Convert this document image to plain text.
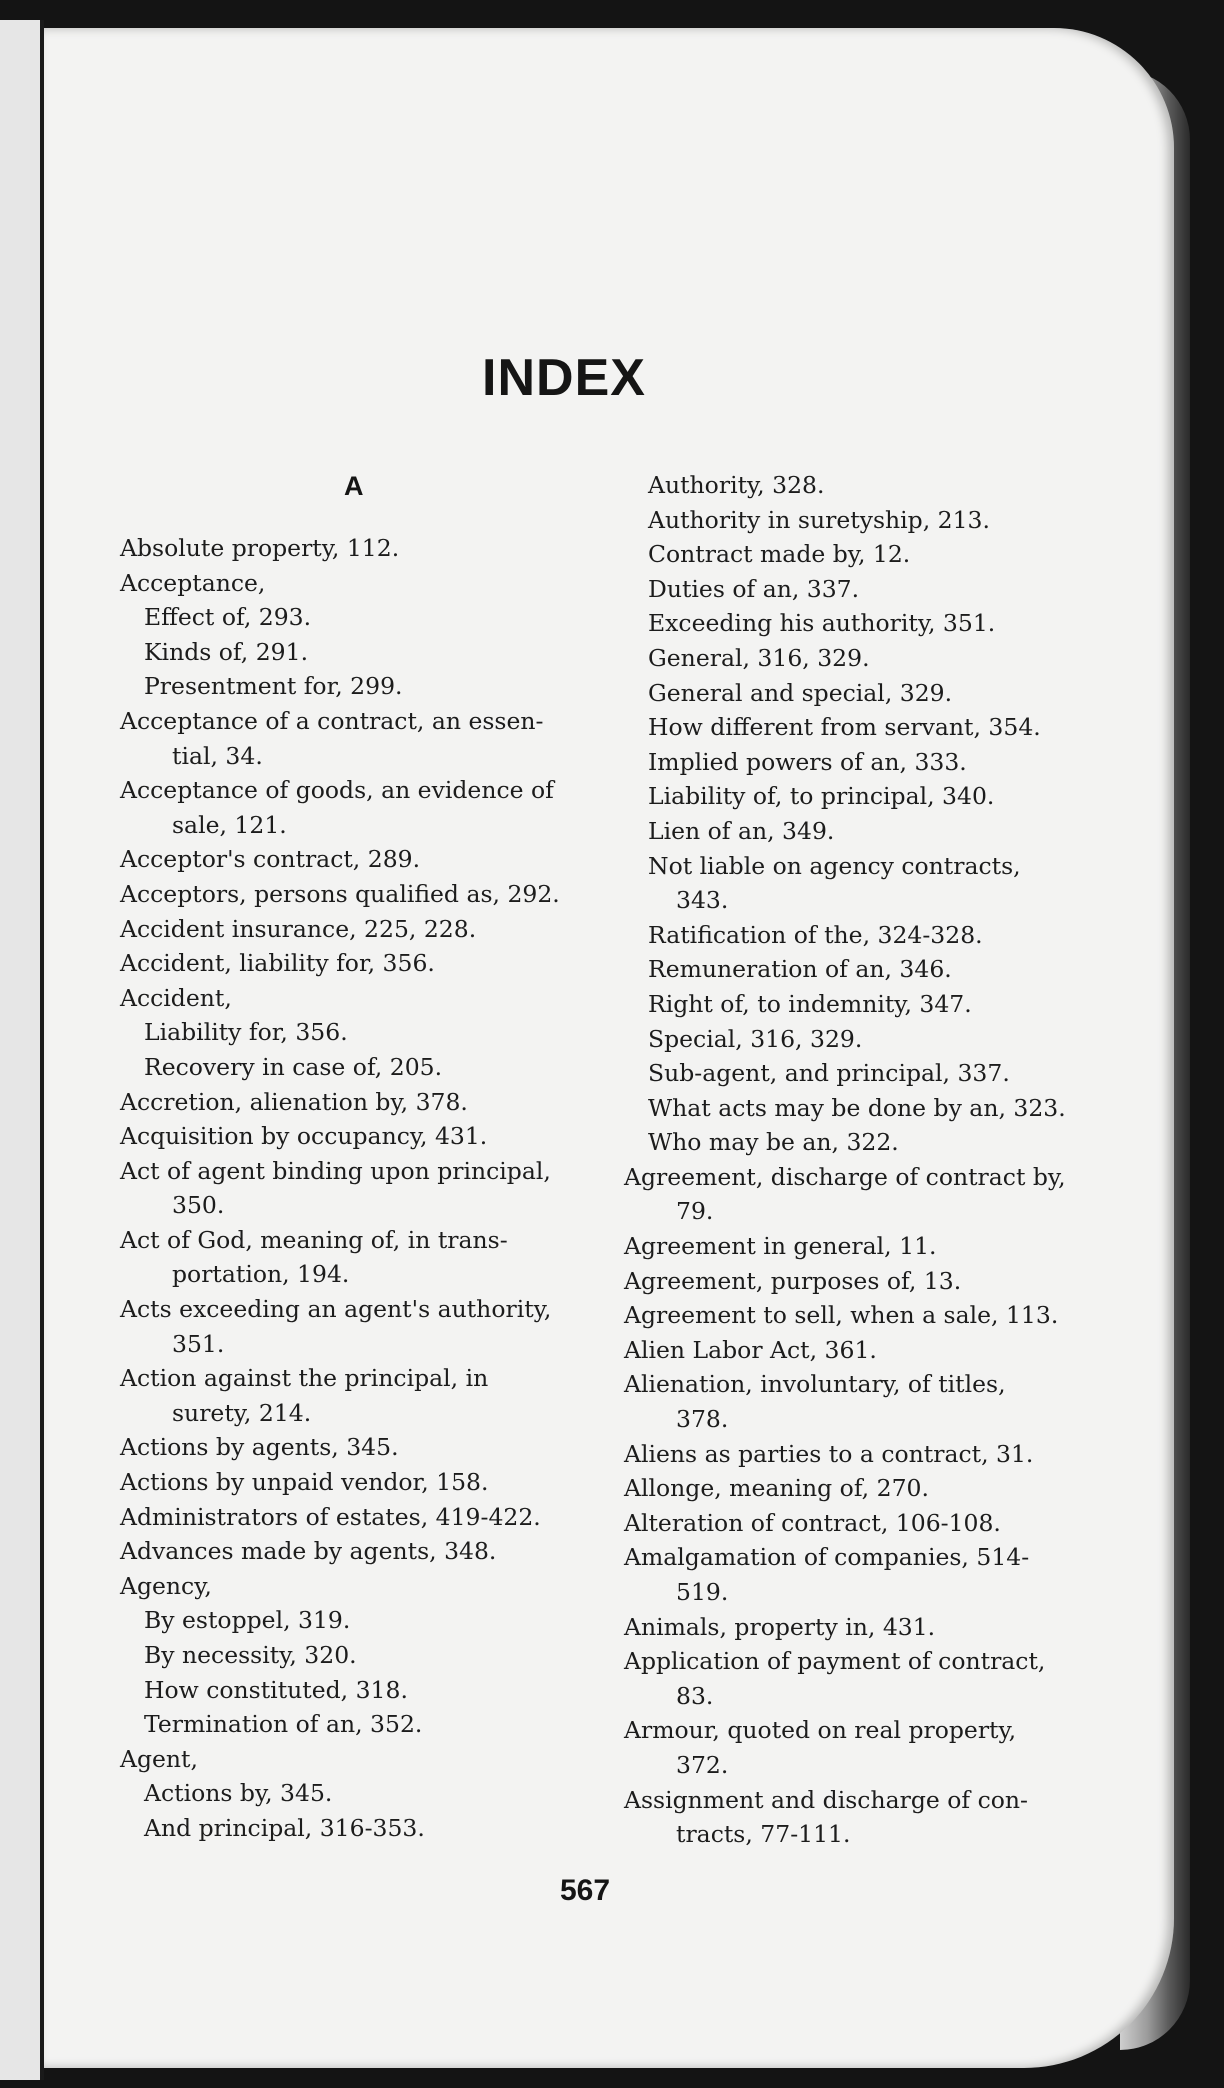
INDEX
A

Absolute property, 112.

Acceptance,

Effect of, 293.

Kinds of, 291.

Presentment for, 299.

Acceptance of a contract, an essen-

tial, 34.

Acceptance of goods, an evidence of

sale, 121.

Acceptor's contract, 289.

Acceptors, persons qualified as, 292.

Accident insurance, 225, 228.

Accident, liability for, 356.

Accident,

Liability for, 356.

Recovery in case of, 205.

Accretion, alienation by, 378.

Acquisition by occupancy, 431.

Act of agent binding upon principal,

350.

Act of God, meaning of, in trans-

portation, 194.

Acts exceeding an agent's authority,

351.

Action against the principal, in

surety, 214.

Actions by agents, 345.

Actions by unpaid vendor, 158.

Administrators of estates, 419-422.

Advances made by agents, 348.

Agency,

By estoppel, 319.

By necessity, 320.

How constituted, 318.

Termination of an, 352.

Agent,

Actions by, 345.

And principal, 316-353.

Authority, 328.

Authority in suretyship, 213.

Contract made by, 12.

Duties of an, 337.

Exceeding his authority, 351.

General, 316, 329.

General and special, 329.

How different from servant, 354.

Implied powers of an, 333.

Liability of, to principal, 340.

Lien of an, 349.

Not liable on agency contracts,

343.

Ratification of the, 324-328.

Remuneration of an, 346.

Right of, to indemnity, 347.

Special, 316, 329.

Sub-agent, and principal, 337.

What acts may be done by an, 323.

Who may be an, 322.

Agreement, discharge of contract by,

79.

Agreement in general, 11.

Agreement, purposes of, 13.

Agreement to sell, when a sale, 113.

Alien Labor Act, 361.

Alienation, involuntary, of titles,

378.

Aliens as parties to a contract, 31.

Allonge, meaning of, 270.

Alteration of contract, 106-108.

Amalgamation of companies, 514-

519.

Animals, property in, 431.

Application of payment of contract,

83.

Armour, quoted on real property,

372.

Assignment and discharge of con-

tracts, 77-111.

567
